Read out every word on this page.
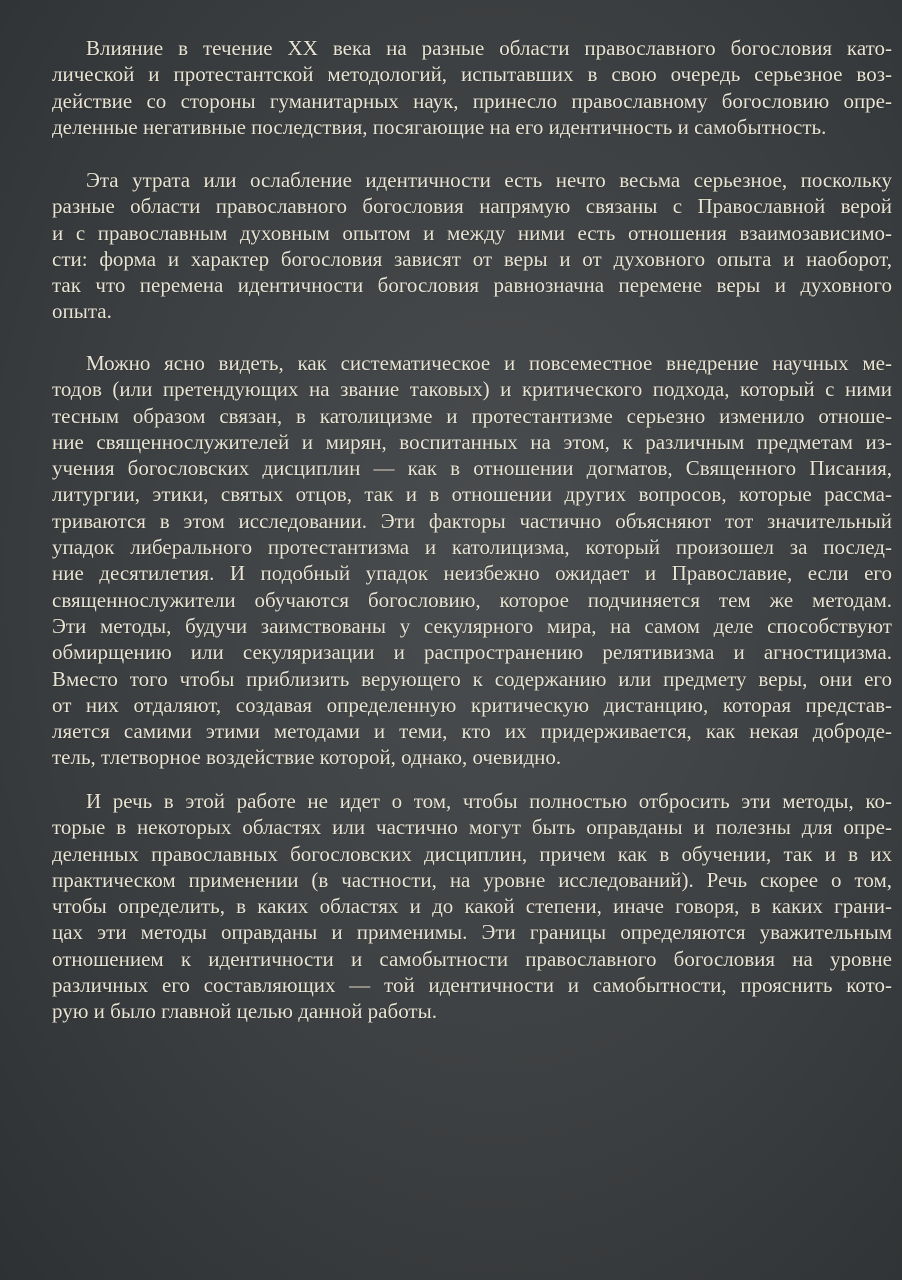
Влияние в течение XX века на разные области православного богословия като-
лической и протестантской методологий, испытавших в свою очередь серьезное воз-
действие со стороны гуманитарных наук, принесло православному богословию опре-
деленные негативные последствия, посягающие на его идентичность и самобытность.
Эта утрата или ослабление идентичности есть нечто весьма серьезное, поскольку
разные области православного богословия напрямую связаны с Православной верой
и с православным духовным опытом и между ними есть отношения взаимозависимо-
сти: форма и характер богословия зависят от веры и от духовного опыта и наоборот,
так что перемена идентичности богословия равнозначна перемене веры и духовного
опыта.
Можно ясно видеть, как систематическое и повсеместное внедрение научных ме-
тодов (или претендующих на звание таковых) и критического подхода, который с ними
тесным образом связан, в католицизме и протестантизме серьезно изменило отноше-
ние священнослужителей и мирян, воспитанных на этом, к различным предметам из-
учения богословских дисциплин — как в отношении догматов, Священного Писания,
литургии, этики, святых отцов, так и в отношении других вопросов, которые рассма-
триваются в этом исследовании. Эти факторы частично объясняют тот значительный
упадок либерального протестантизма и католицизма, который произошел за послед-
ние десятилетия. И подобный упадок неизбежно ожидает и Православие, если его
священнослужители обучаются богословию, которое подчиняется тем же методам.
Эти методы, будучи заимствованы у секулярного мира, на самом деле способствуют
обмирщению или секуляризации и распространению релятивизма и агностицизма.
Вместо того чтобы приблизить верующего к содержанию или предмету веры, они его
от них отдаляют, создавая определенную критическую дистанцию, которая представ-
ляется самими этими методами и теми, кто их придерживается, как некая доброде-
тель, тлетворное воздействие которой, однако, очевидно.
И речь в этой работе не идет о том, чтобы полностью отбросить эти методы, ко-
торые в некоторых областях или частично могут быть оправданы и полезны для опре-
деленных православных богословских дисциплин, причем как в обучении, так и в их
практическом применении (в частности, на уровне исследований). Речь скорее о том,
чтобы определить, в каких областях и до какой степени, иначе говоря, в каких грани-
цах эти методы оправданы и применимы. Эти границы определяются уважительным
отношением к идентичности и самобытности православного богословия на уровне
различных его составляющих — той идентичности и самобытности, прояснить кото-
рую и было главной целью данной работы.
